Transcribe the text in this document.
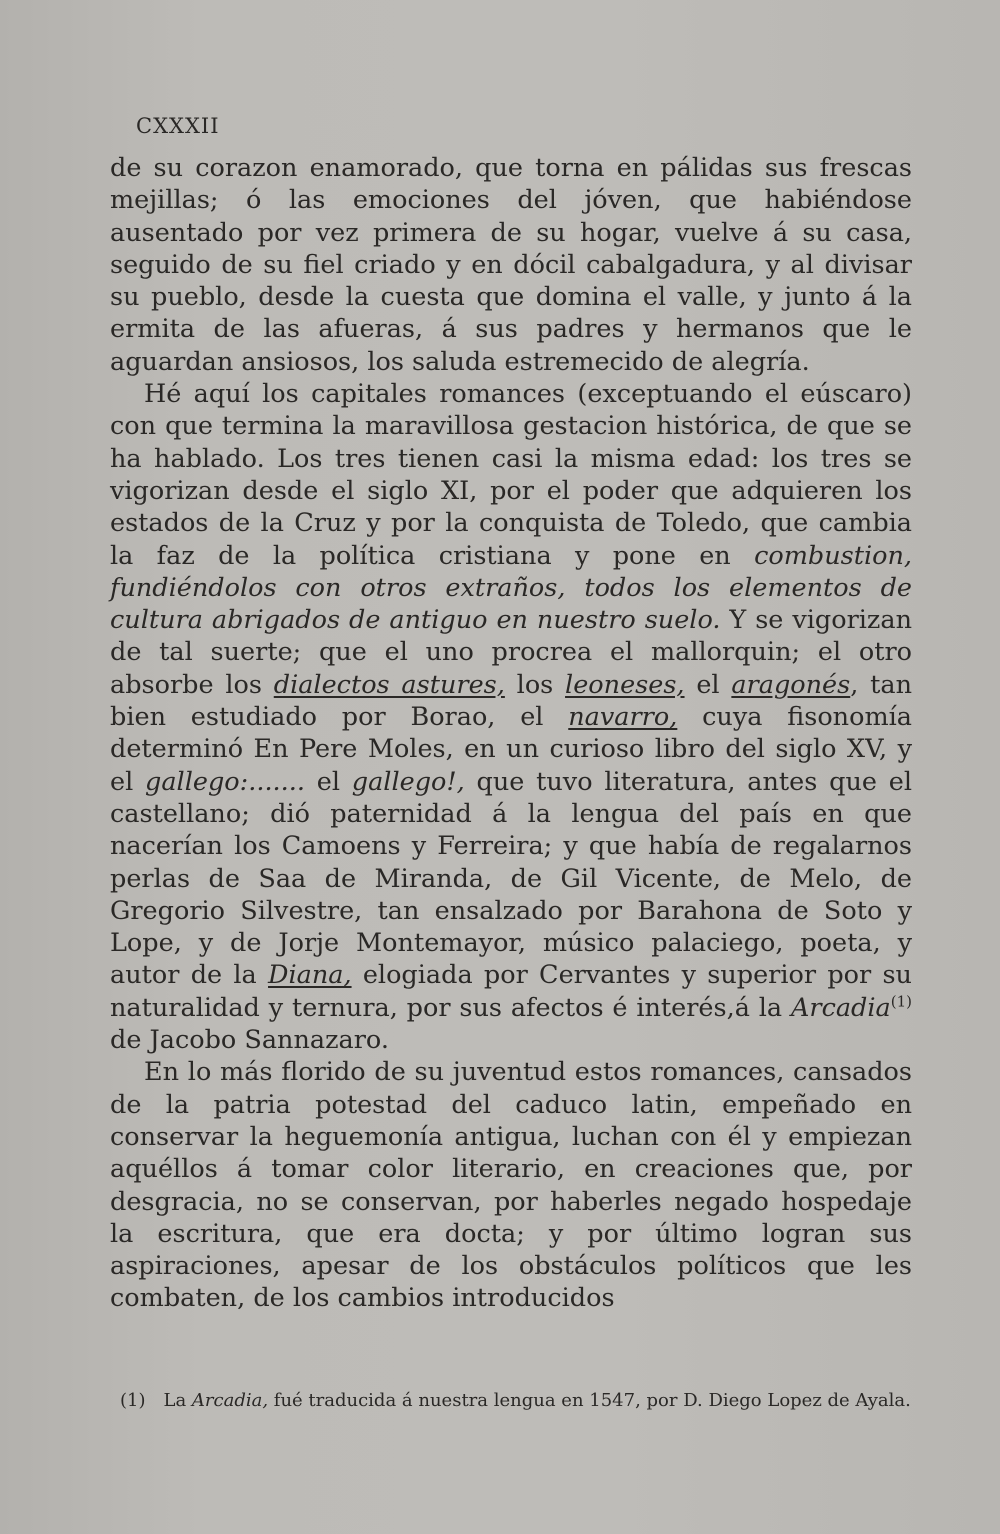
CXXXII

de su corazon enamorado, que torna en pálidas sus frescas mejillas; ó las emociones del jóven, que habiéndose ausentado por vez primera de su hogar, vuelve á su casa, seguido de su fiel criado y en dócil cabalgadura, y al divisar su pueblo, desde la cuesta que domina el valle, y junto á la ermita de las afueras, á sus padres y hermanos que le aguardan ansiosos, los saluda estremecido de alegría.

Hé aquí los capitales romances (exceptuando el eúscaro) con que termina la maravillosa gestacion histórica, de que se ha hablado. Los tres tienen casi la misma edad: los tres se vigorizan desde el siglo XI, por el poder que adquieren los estados de la Cruz y por la conquista de Toledo, que cambia la faz de la política cristiana y pone en combustion, fundiéndolos con otros extraños, todos los elementos de cultura abrigados de antiguo en nuestro suelo. Y se vigorizan de tal suerte; que el uno procrea el mallorquin; el otro absorbe los dialectos astures, los leoneses, el aragonés, tan bien estudiado por Borao, el navarro, cuya fisonomía determinó En Pere Moles, en un curioso libro del siglo XV, y el gallego:....... el gallego!, que tuvo literatura, antes que el castellano; dió paternidad á la lengua del país en que nacerían los Camoens y Ferreira; y que había de regalarnos perlas de Saa de Miranda, de Gil Vicente, de Melo, de Gregorio Silvestre, tan ensalzado por Barahona de Soto y Lope, y de Jorje Montemayor, músico palaciego, poeta, y autor de la Diana, elogiada por Cervantes y superior por su naturalidad y ternura, por sus afectos é interés,á la Arcadia$^{(1)}$ de Jacobo Sannazaro.

En lo más florido de su juventud estos romances, cansados de la patria potestad del caduco latin, empeñado en conservar la heguemonía antigua, luchan con él y empiezan aquéllos á tomar color literario, en creaciones que, por desgracia, no se conservan, por haberles negado hospedaje la escritura, que era docta; y por último logran sus aspiraciones, apesar de los obstáculos políticos que les combaten, de los cambios introducidos

(1) La Arcadia, fué traducida á nuestra lengua en 1547, por D. Diego Lopez de Ayala.
